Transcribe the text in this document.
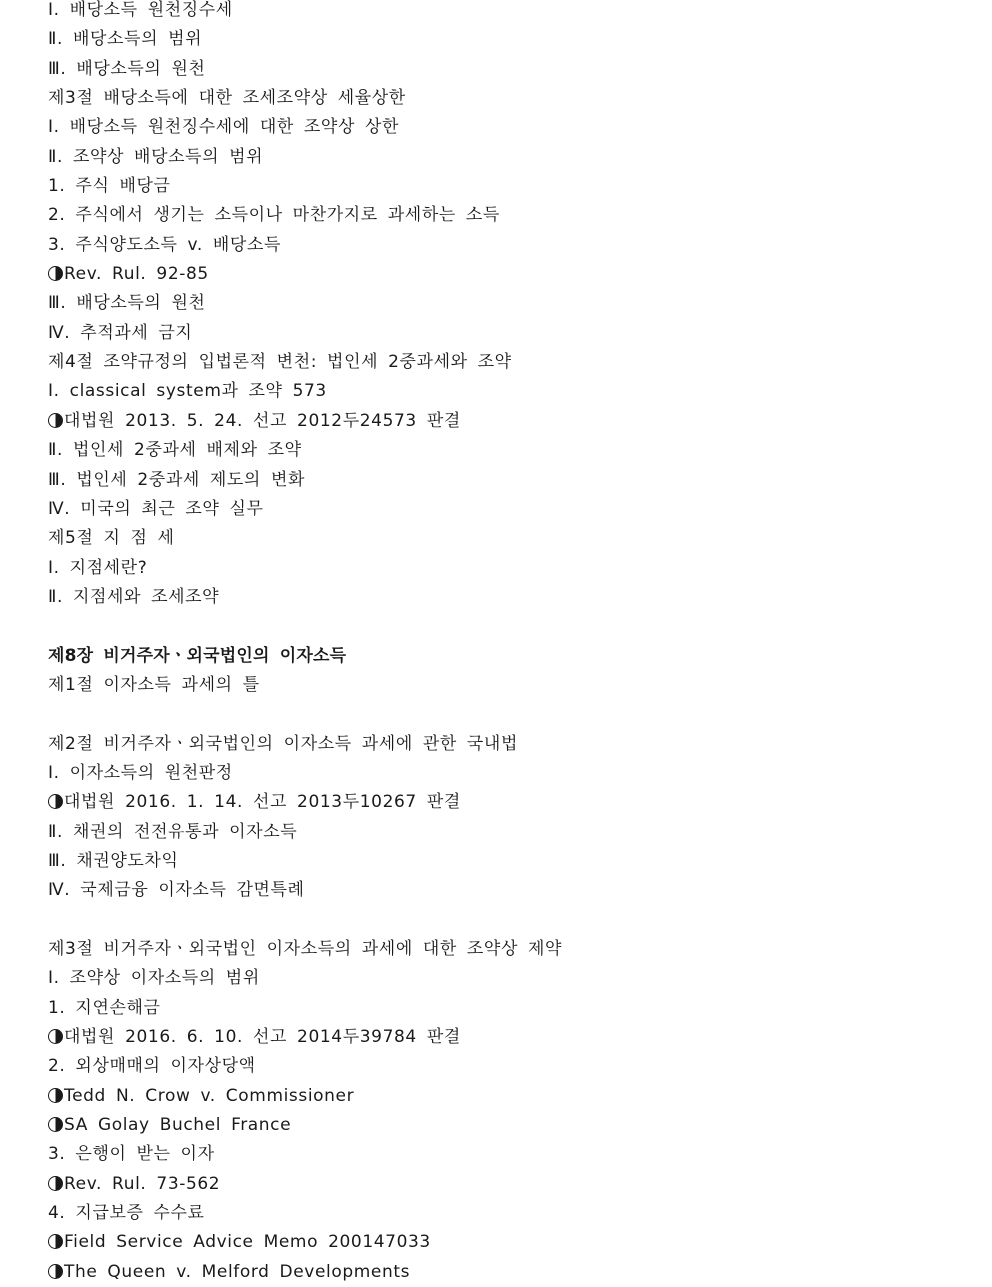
Ⅰ. 배당소득 원천징수세
Ⅱ. 배당소득의 범위
Ⅲ. 배당소득의 원천
제3절 배당소득에 대한 조세조약상 세율상한
Ⅰ. 배당소득 원천징수세에 대한 조약상 상한
Ⅱ. 조약상 배당소득의 범위
1. 주식 배당금
2. 주식에서 생기는 소득이나 마찬가지로 과세하는 소득
3. 주식양도소득 v. 배당소득
Rev. Rul. 92-85
Ⅲ. 배당소득의 원천
Ⅳ. 추적과세 금지
제4절 조약규정의 입법론적 변천: 법인세 2중과세와 조약
Ⅰ. classical system과 조약 573
대법원 2013. 5. 24. 선고 2012두24573 판결
Ⅱ. 법인세 2중과세 배제와 조약
Ⅲ. 법인세 2중과세 제도의 변화
Ⅳ. 미국의 최근 조약 실무
제5절 지 점 세
Ⅰ. 지점세란?
Ⅱ. 지점세와 조세조약
제8장 비거주자ㆍ외국법인의 이자소득
제1절 이자소득 과세의 틀
제2절 비거주자ㆍ외국법인의 이자소득 과세에 관한 국내법
Ⅰ. 이자소득의 원천판정
대법원 2016. 1. 14. 선고 2013두10267 판결
Ⅱ. 채권의 전전유통과 이자소득
Ⅲ. 채권양도차익
Ⅳ. 국제금융 이자소득 감면특례
제3절 비거주자ㆍ외국법인 이자소득의 과세에 대한 조약상 제약
Ⅰ. 조약상 이자소득의 범위
1. 지연손해금
대법원 2016. 6. 10. 선고 2014두39784 판결
2. 외상매매의 이자상당액
Tedd N. Crow v. Commissioner
SA Golay Buchel France
3. 은행이 받는 이자
Rev. Rul. 73-562
4. 지급보증 수수료
Field Service Advice Memo 200147033
The Queen v. Melford Developments
